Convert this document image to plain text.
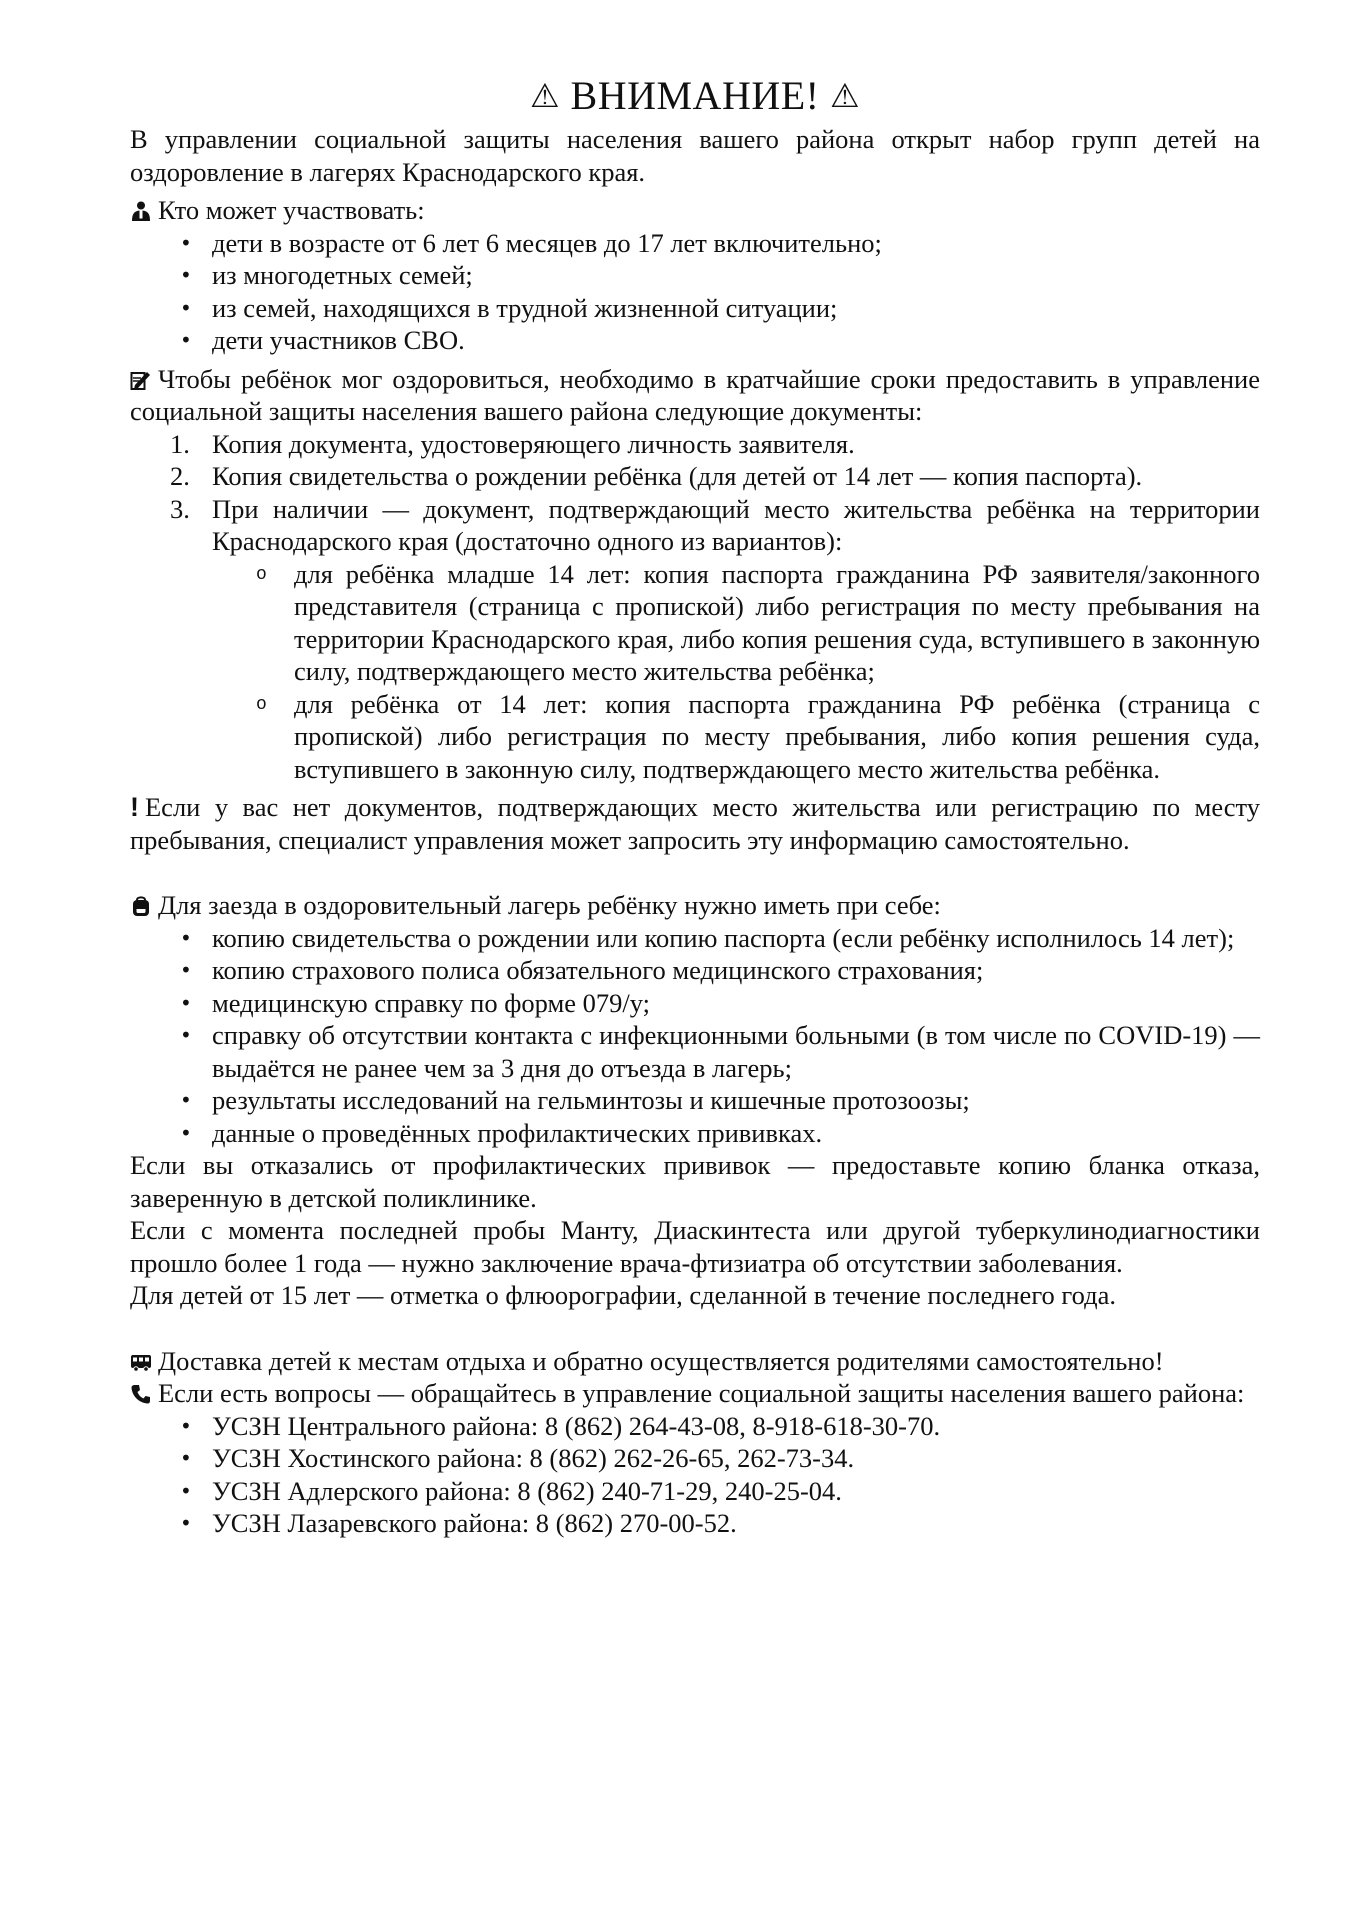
⚠ ВНИМАНИЕ! ⚠

В управлении социальной защиты населения вашего района открыт набор групп детей на оздоровление в лагерях Краснодарского края.

Кто может участвовать:

• дети в возрасте от 6 лет 6 месяцев до 17 лет включительно;
• из многодетных семей;
• из семей, находящихся в трудной жизненной ситуации;
• дети участников СВО.

Чтобы ребёнок мог оздоровиться, необходимо в кратчайшие сроки предоставить в управление социальной защиты населения вашего района следующие документы:

1. Копия документа, удостоверяющего личность заявителя.
2. Копия свидетельства о рождении ребёнка (для детей от 14 лет — копия паспорта).
3. При наличии — документ, подтверждающий место жительства ребёнка на территории Краснодарского края (достаточно одного из вариантов):
o для ребёнка младше 14 лет: копия паспорта гражданина РФ заявителя/законного представителя (страница с пропиской) либо регистрация по месту пребывания на территории Краснодарского края, либо копия решения суда, вступившего в законную силу, подтверждающего место жительства ребёнка;
o для ребёнка от 14 лет: копия паспорта гражданина РФ ребёнка (страница с пропиской) либо регистрация по месту пребывания, либо копия решения суда, вступившего в законную силу, подтверждающего место жительства ребёнка.

! Если у вас нет документов, подтверждающих место жительства или регистрацию по месту пребывания, специалист управления может запросить эту информацию самостоятельно.

Для заезда в оздоровительный лагерь ребёнку нужно иметь при себе:

• копию свидетельства о рождении или копию паспорта (если ребёнку исполнилось 14 лет);
• копию страхового полиса обязательного медицинского страхования;
• медицинскую справку по форме 079/у;
• справку об отсутствии контакта с инфекционными больными (в том числе по COVID-19) — выдаётся не ранее чем за 3 дня до отъезда в лагерь;
• результаты исследований на гельминтозы и кишечные протозоозы;
• данные о проведённых профилактических прививках.

Если вы отказались от профилактических прививок — предоставьте копию бланка отказа, заверенную в детской поликлинике.

Если с момента последней пробы Манту, Диаскинтеста или другой туберкулинодиагностики прошло более 1 года — нужно заключение врача-фтизиатра об отсутствии заболевания.

Для детей от 15 лет — отметка о флюорографии, сделанной в течение последнего года.

Доставка детей к местам отдыха и обратно осуществляется родителями самостоятельно!

Если есть вопросы — обращайтесь в управление социальной защиты населения вашего района:

• УСЗН Центрального района: 8 (862) 264-43-08, 8-918-618-30-70.
• УСЗН Хостинского района: 8 (862) 262-26-65, 262-73-34.
• УСЗН Адлерского района: 8 (862) 240-71-29, 240-25-04.
• УСЗН Лазаревского района: 8 (862) 270-00-52.
